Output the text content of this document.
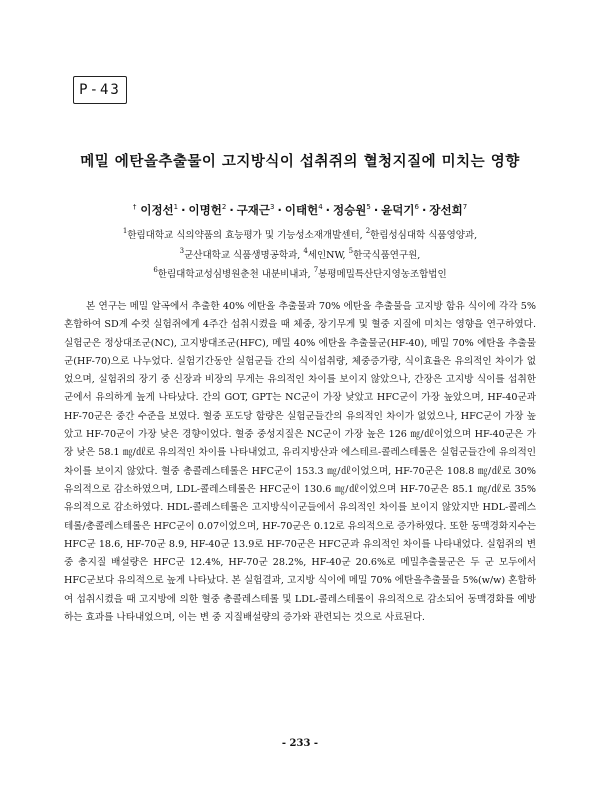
P-43
메밀 에탄올추출물이 고지방식이 섭취쥐의 혈청지질에 미치는 영향
† 이정선$^1$ · 이명헌$^2$ · 구재근$^3$ · 이태헌$^4$ · 정승원$^5$ · 윤덕기$^6$ · 장선희$^7$
$^1$한림대학교 식의약품의 효능평가 및 기능성소재개발센터, $^2$한림성심대학 식품영양과,
$^3$군산대학교 식품생명공학과, $^4$세인NW, $^5$한국식품연구원,
$^6$한림대학교성심병원춘천 내분비내과, $^7$봉평메밀특산단지영농조합법인

본 연구는 메밀 알곡에서 추출한 40% 에탄올 추출물과 70% 에탄올 추출물을 고지방 함유 식이에 각각 5% 혼합하여 SD계 수컷 실험쥐에게 4주간 섭취시켰을 때 체중, 장기무게 및 혈중 지질에 미치는 영향을 연구하였다. 실험군은 정상대조군(NC), 고지방대조군(HFC), 메밀 40% 에탄올 추출물군(HF-40), 메밀 70% 에탄올 추출물군(HF-70)으로 나누었다. 실험기간동안 실험군들 간의 식이섭취량, 체중증가량, 식이효율은 유의적인 차이가 없었으며, 실험쥐의 장기 중 신장과 비장의 무게는 유의적인 차이를 보이지 않았으나, 간장은 고지방 식이를 섭취한 군에서 유의하게 높게 나타났다. 간의 GOT, GPT는 NC군이 가장 낮았고 HFC군이 가장 높았으며, HF-40군과 HF-70군은 중간 수준을 보였다. 혈중 포도당 함량은 실험군들간의 유의적인 차이가 없었으나, HFC군이 가장 높았고 HF-70군이 가장 낮은 경향이었다. 혈중 중성지질은 NC군이 가장 높은 126 ㎎/㎗이었으며 HF-40군은 가장 낮은 58.1 ㎎/㎗로 유의적인 차이를 나타내었고, 유리지방산과 에스테르-콜레스테롤은 실험군들간에 유의적인 차이를 보이지 않았다. 혈중 총콜레스테롤은 HFC군이 153.3 ㎎/㎗이었으며, HF-70군은 108.8 ㎎/㎗로 30% 유의적으로 감소하였으며, LDL-콜레스테롤은 HFC군이 130.6 ㎎/㎗이었으며 HF-70군은 85.1 ㎎/㎗로 35% 유의적으로 감소하였다. HDL-콜레스테롤은 고지방식이군들에서 유의적인 차이를 보이지 않았지만 HDL-콜레스테롤/총콜레스테롤은 HFC군이 0.07이었으며, HF-70군은 0.12로 유의적으로 증가하였다. 또한 동맥경화지수는 HFC군 18.6, HF-70군 8.9, HF-40군 13.9로 HF-70군은 HFC군과 유의적인 차이를 나타내었다. 실험쥐의 변중 총지질 배설량은 HFC군 12.4%, HF-70군 28.2%, HF-40군 20.6%로 메밀추출물군은 두 군 모두에서 HFC군보다 유의적으로 높게 나타났다. 본 실험결과, 고지방 식이에 메밀 70% 에탄올추출물을 5%(w/w) 혼합하여 섭취시켰을 때 고지방에 의한 혈중 총콜레스테롤 및 LDL-콜레스테롤이 유의적으로 감소되어 동맥경화를 예방하는 효과를 나타내었으며, 이는 변 중 지질배설량의 증가와 관련되는 것으로 사료된다.

- 233 -
